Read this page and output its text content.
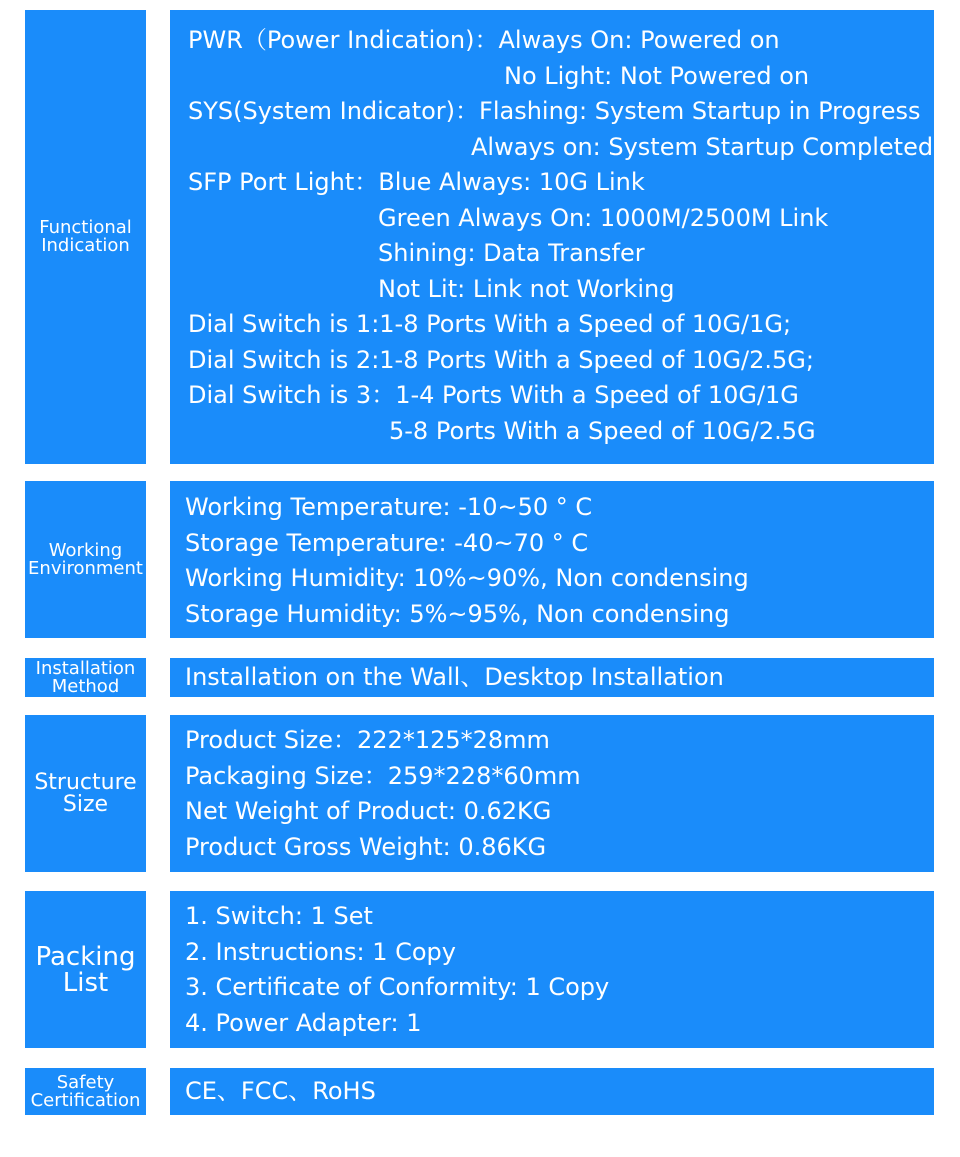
Functional
Indication
PWR（Power Indication)：Always On: Powered on
No Light: Not Powered on
SYS(System Indicator)：Flashing: System Startup in Progress
Always on: System Startup Completed
SFP Port Light：Blue Always: 10G Link
Green Always On: 1000M/2500M Link
Shining: Data Transfer
Not Lit: Link not Working
Dial Switch is 1:1-8 Ports With a Speed of 10G/1G;
Dial Switch is 2:1-8 Ports With a Speed of 10G/2.5G;
Dial Switch is 3：1-4 Ports With a Speed of 10G/1G
5-8 Ports With a Speed of 10G/2.5G
Working
Environment
Working Temperature: -10~50 ° C
Storage Temperature: -40~70 ° C
Working Humidity: 10%~90%, Non condensing
Storage Humidity: 5%~95%, Non condensing
Installation
Method	Installation on the Wall、Desktop Installation
Structure
Size
Product Size：222*125*28mm
Packaging Size：259*228*60mm
Net Weight of Product: 0.62KG
Product Gross Weight: 0.86KG
Packing
List
1. Switch: 1 Set
2. Instructions: 1 Copy
3. Certificate of Conformity: 1 Copy
4. Power Adapter: 1
Safety
Certification CE、FCC、RoHS
